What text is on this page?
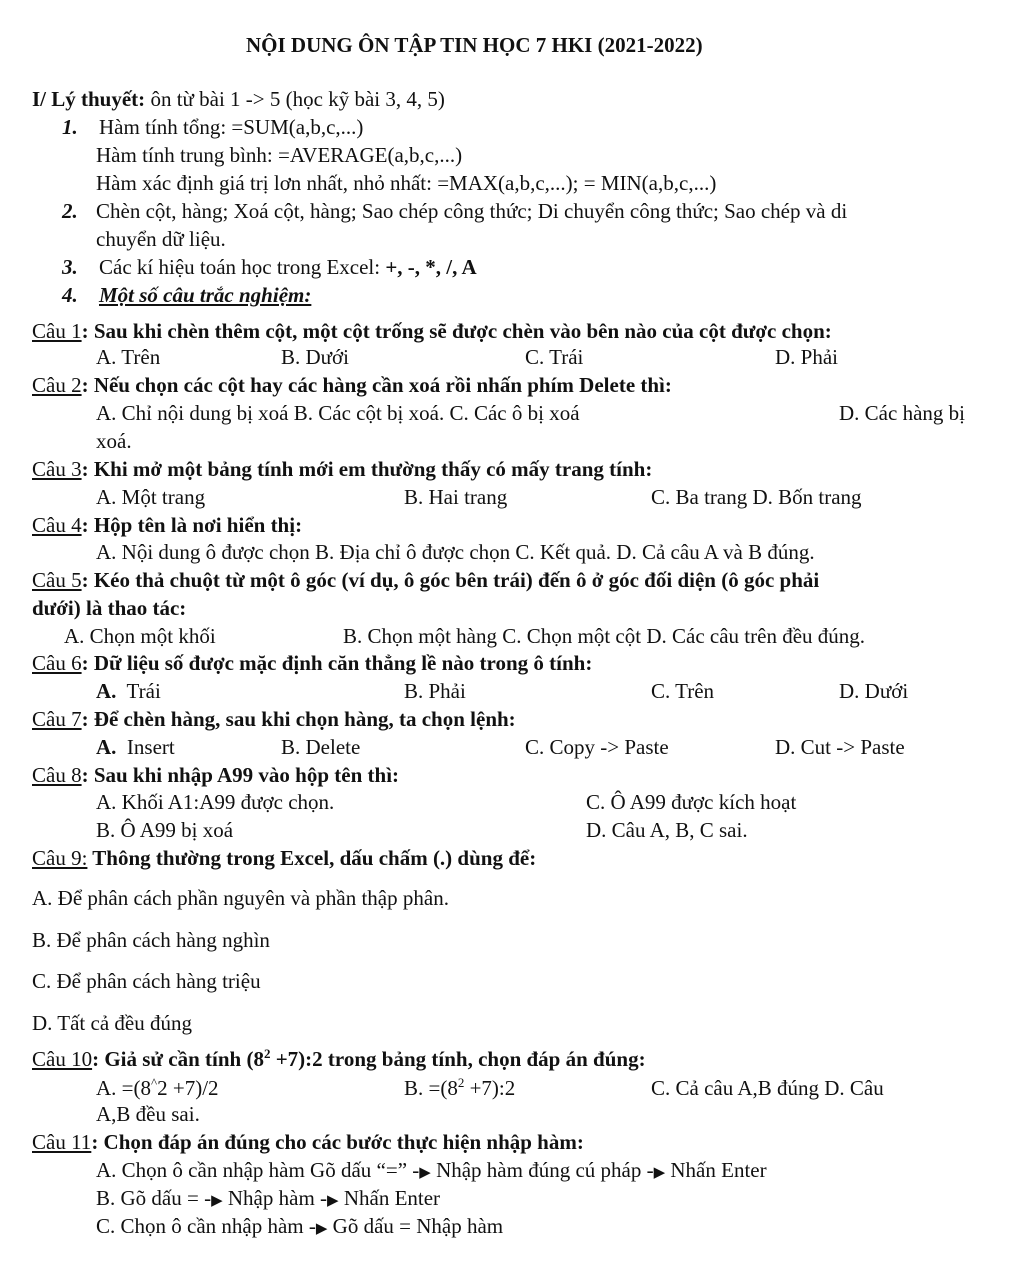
NỘI DUNG ÔN TẬP TIN HỌC 7 HKI (2021-2022)
I/ Lý thuyết: ôn từ bài 1 -> 5 (học kỹ bài 3, 4, 5)
1. Hàm tính tổng: =SUM(a,b,c,...)
Hàm tính trung bình: =AVERAGE(a,b,c,...)
Hàm xác định giá trị lơn nhất, nhỏ nhất: =MAX(a,b,c,...); = MIN(a,b,c,...)
2. Chèn cột, hàng; Xoá cột, hàng; Sao chép công thức; Di chuyển công thức; Sao chép và di
chuyển dữ liệu.
3. Các kí hiệu toán học trong Excel: +, -, *, /, A
4. Một số câu trắc nghiệm:
Câu 1: Sau khi chèn thêm cột, một cột trống sẽ được chèn vào bên nào của cột được chọn:
A. Trên	B. Dưới	C. Trái	D. Phải
Câu 2: Nếu chọn các cột hay các hàng cần xoá rồi nhấn phím Delete thì:
A. Chỉ nội dung bị xoá B. Các cột bị xoá. C. Các ô bị xoá	D. Các hàng bị
xoá.
Câu 3: Khi mở một bảng tính mới em thường thấy có mấy trang tính:
A. Một trang	B. Hai trang	C. Ba trang D. Bốn trang
Câu 4: Hộp tên là nơi hiển thị:
A. Nội dung ô được chọn B. Địa chỉ ô được chọn C. Kết quả. D. Cả câu A và B đúng.
Câu 5: Kéo thả chuột từ một ô góc (ví dụ, ô góc bên trái) đến ô ở góc đối diện (ô góc phải
dưới) là thao tác:
A. Chọn một khối	B. Chọn một hàng C. Chọn một cột D. Các câu trên đều đúng.
Câu 6: Dữ liệu số được mặc định căn thẳng lề nào trong ô tính:
A. Trái	B. Phải	C. Trên	D. Dưới
Câu 7: Để chèn hàng, sau khi chọn hàng, ta chọn lệnh:
A. Insert	B. Delete	C. Copy -> Paste	D. Cut -> Paste
Câu 8: Sau khi nhập A99 vào hộp tên thì:
A. Khối A1:A99 được chọn.	C. Ô A99 được kích hoạt
B. Ô A99 bị xoá	D. Câu A, B, C sai.
Câu 9: Thông thường trong Excel, dấu chấm (.) dùng để:
A. Để phân cách phần nguyên và phần thập phân.
B. Để phân cách hàng nghìn
C. Để phân cách hàng triệu
D. Tất cả đều đúng
Câu 10: Giả sử cần tính ($8^2$ +7):2 trong bảng tính, chọn đáp án đúng:
A. =(8^2 +7)/2	B. $=(8^2$ +7):2	C. Cả câu A,B đúng D. Câu
A,B đều sai.
Câu 11: Chọn đáp án đúng cho các bước thực hiện nhập hàm:
A. Chọn ô cần nhập hàm Gõ dấu “=” -▶ Nhập hàm đúng cú pháp -▶ Nhấn Enter
B. Gõ dấu = -▶ Nhập hàm -▶ Nhấn Enter
C. Chọn ô cần nhập hàm -▶ Gõ dấu = Nhập hàm
